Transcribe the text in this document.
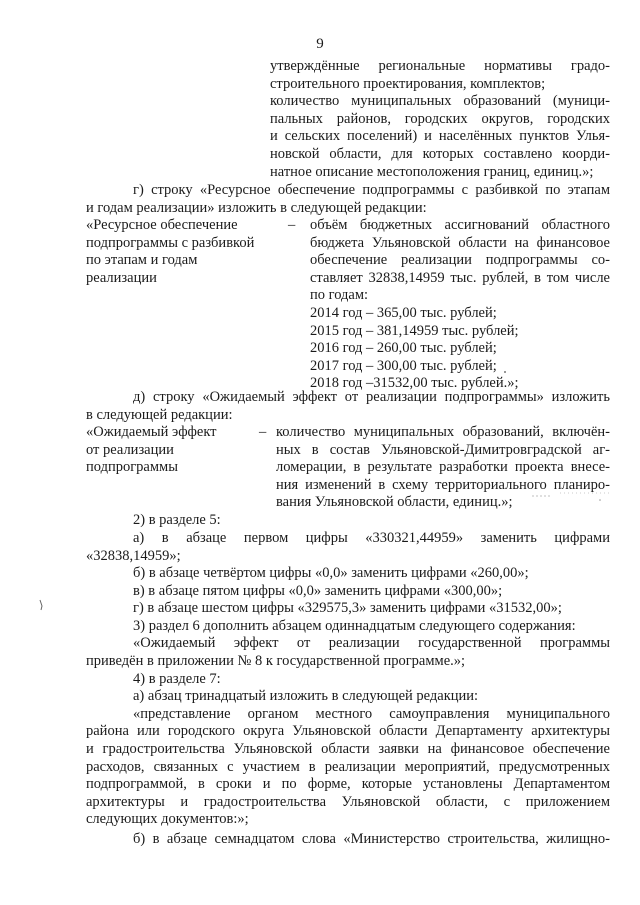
9
утверждённые региональные нормативы градо-
строительного проектирования, комплектов;
количество муниципальных образований (муници-
пальных районов, городских округов, городских
и сельских поселений) и населённых пунктов Улья-
новской области, для которых составлено коорди-
натное описание местоположения границ, единиц.»;
г) строку «Ресурсное обеспечение подпрограммы с разбивкой по этапам
и годам реализации» изложить в следующей редакции:
«Ресурсное обеспечение
подпрограммы с разбивкой
по этапам и годам
реализации
– объём бюджетных ассигнований областного
бюджета Ульяновской области на финансовое
обеспечение реализации подпрограммы со-
ставляет 32838,14959 тыс. рублей, в том числе
по годам:
2014 год – 365,00 тыс. рублей;
2015 год – 381,14959 тыс. рублей;
2016 год – 260,00 тыс. рублей;
2017 год – 300,00 тыс. рублей;
2018 год –31532,00 тыс. рублей.»;
д) строку «Ожидаемый эффект от реализации подпрограммы» изложить
в следующей редакции:
«Ожидаемый эффект
от реализации
подпрограммы
– количество муниципальных образований, включён-
ных в состав Ульяновской-Димитровградской аг-
ломерации, в результате разработки проекта внесе-
ния изменений в схему территориального планиро-
вания Ульяновской области, единиц.»;
2) в разделе 5:
а) в абзаце первом цифры «330321,44959» заменить цифрами
«32838,14959»;
б) в абзаце четвёртом цифры «0,0» заменить цифрами «260,00»;
в) в абзаце пятом цифры «0,0» заменить цифрами «300,00»;
г) в абзаце шестом цифры «329575,3» заменить цифрами «31532,00»;
3) раздел 6 дополнить абзацем одиннадцатым следующего содержания:
«Ожидаемый эффект от реализации государственной программы
приведён в приложении № 8 к государственной программе.»;
4) в разделе 7:
а) абзац тринадцатый изложить в следующей редакции:
«представление органом местного самоуправления муниципального
района или городского округа Ульяновской области Департаменту архитектуры
и градостроительства Ульяновской области заявки на финансовое обеспечение
расходов, связанных с участием в реализации мероприятий, предусмотренных
подпрограммой, в сроки и по форме, которые установлены Департаментом
архитектуры и градостроительства Ульяновской области, с приложением
следующих документов:»;
б) в абзаце семнадцатом слова «Министерство строительства, жилищно-
